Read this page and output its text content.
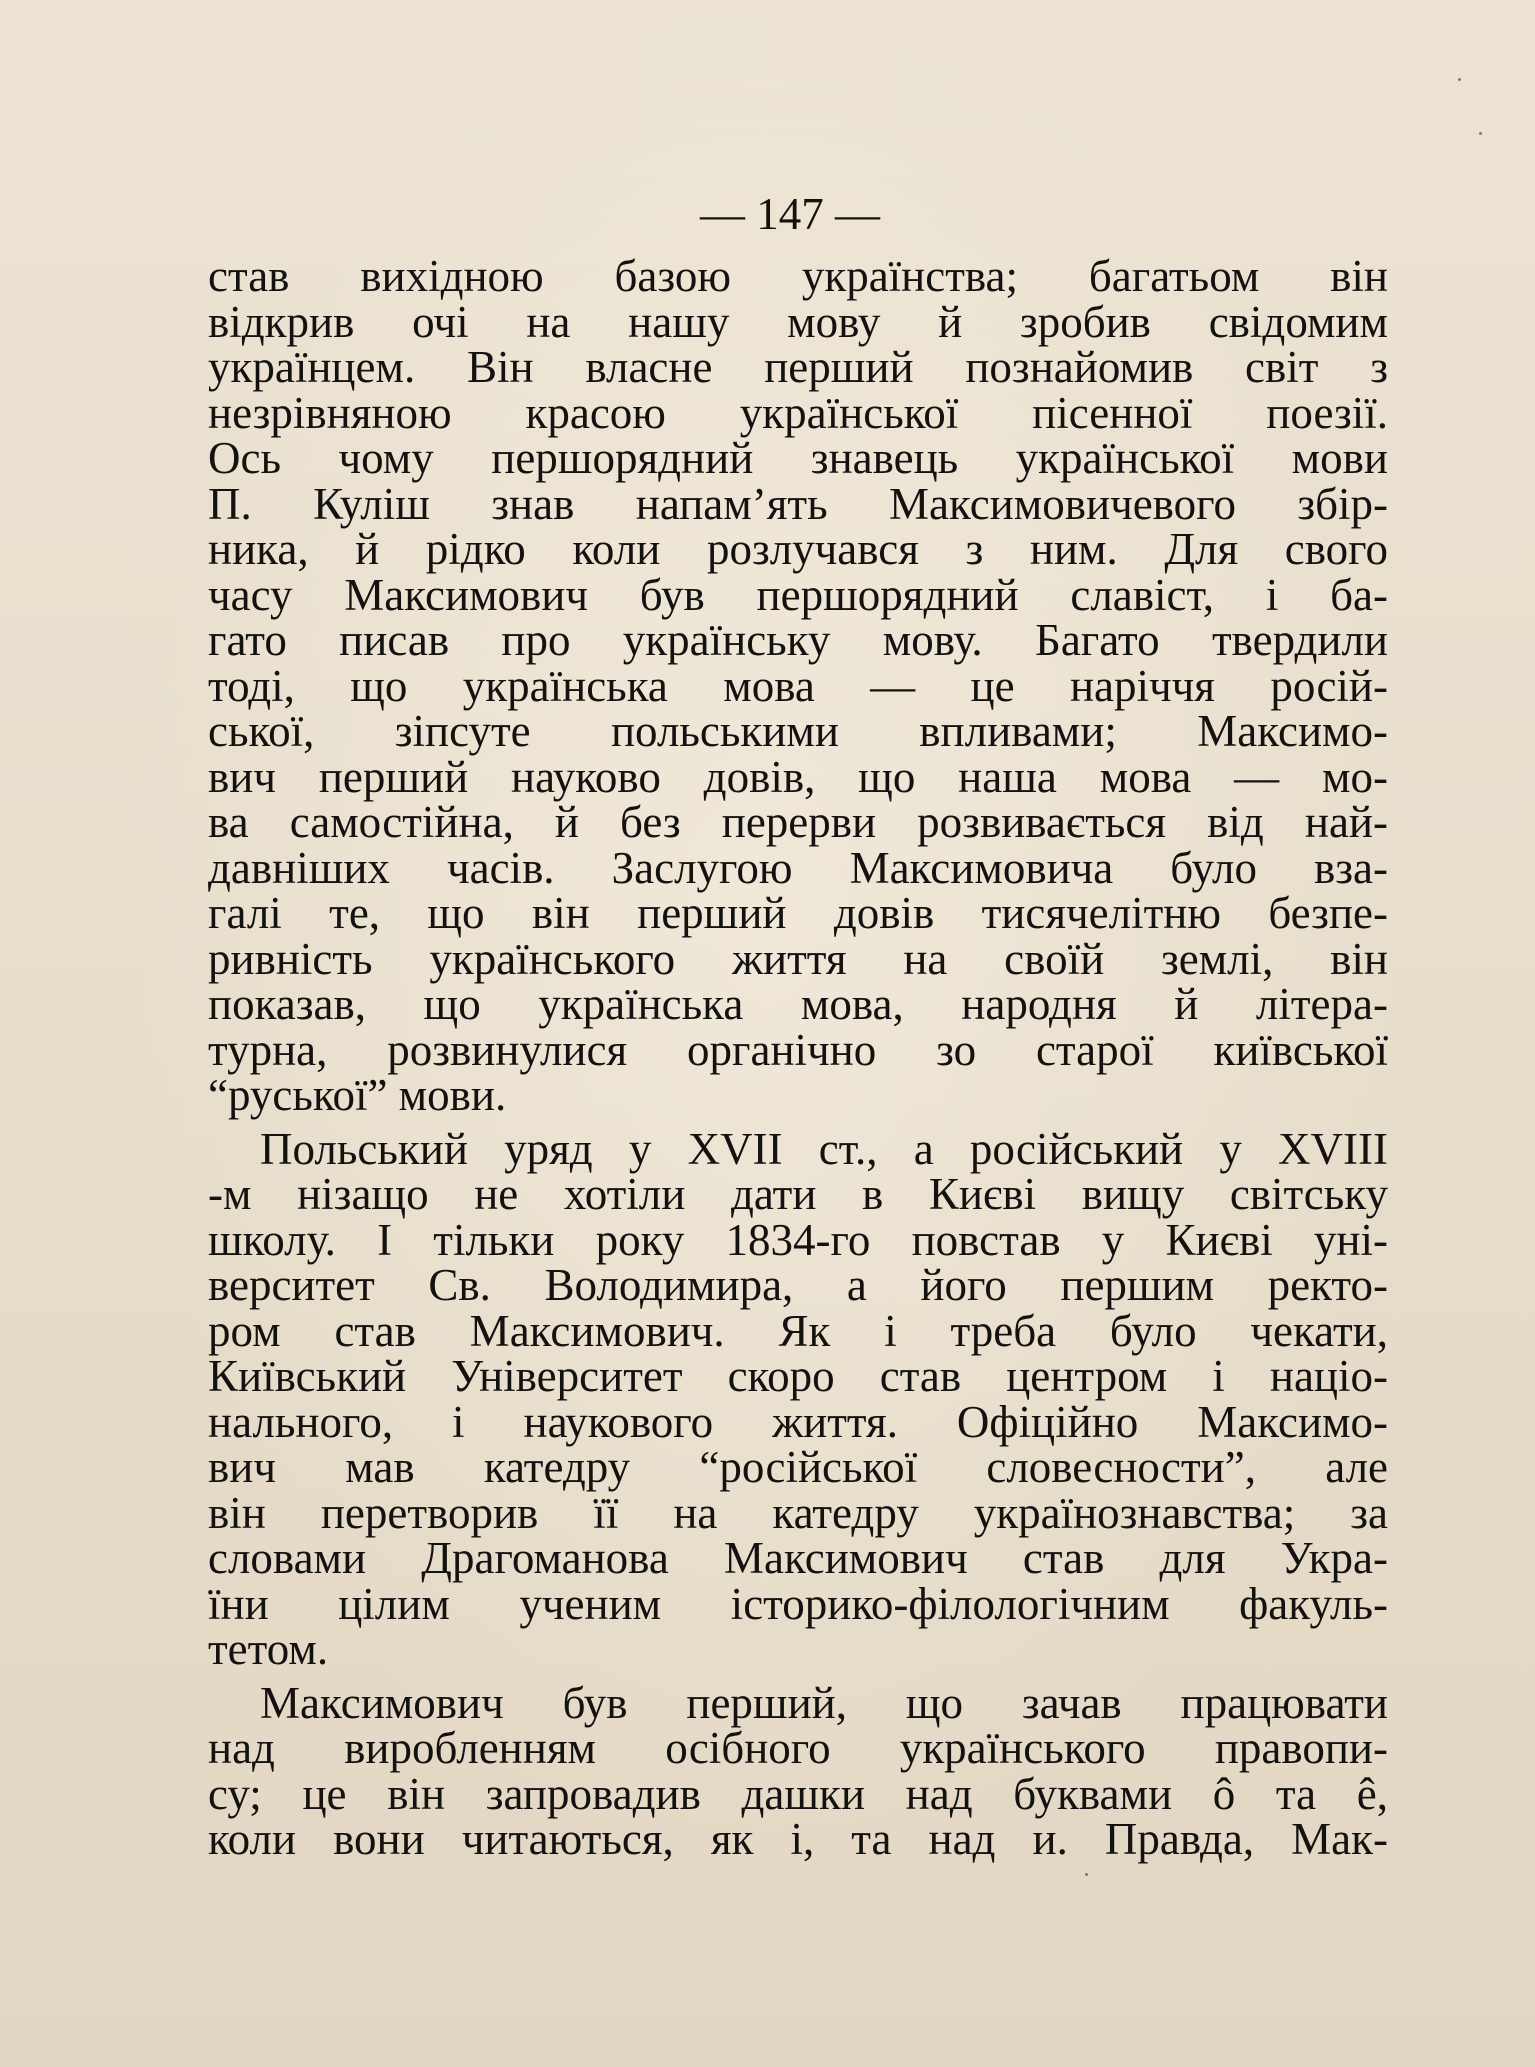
— 147 —
став вихідною базою українства; багатьом він
відкрив очі на нашу мову й зробив свідомим
українцем. Він власне перший познайомив світ з
незрівняною красою української пісенної поезії.
Ось чому першорядний знавець української мови
П. Куліш знав напам’ять Максимовичевого збір-
ника, й рідко коли розлучався з ним. Для свого
часу Максимович був першорядний славіст, і ба-
гато писав про українську мову. Багато твердили
тоді, що українська мова — це наріччя росій-
ської, зіпсуте польськими впливами; Максимо-
вич перший науково довів, що наша мова — мо-
ва самостійна, й без перерви розвивається від най-
давніших часів. Заслугою Максимовича було вза-
галі те, що він перший довів тисячелітню безпе-
ривність українського життя на своїй землі, він
показав, що українська мова, народня й літера-
турна, розвинулися органічно зо старої київської
“руської” мови.
Польський уряд у XVII ст., а російський у XVIII
-м нізащо не хотіли дати в Києві вищу світську
школу. І тільки року 1834-го повстав у Києві уні-
верситет Св. Володимира, а його першим ректо-
ром став Максимович. Як і треба було чекати,
Київський Університет скоро став центром і націо-
нального, і наукового життя. Офіційно Максимо-
вич мав катедру “російської словесности”, але
він перетворив її на катедру українознавства; за
словами Драгоманова Максимович став для Укра-
їни цілим ученим історико-філологічним факуль-
тетом.
Максимович був перший, що зачав працювати
над виробленням осібного українського правопи-
су; це він запровадив дашки над буквами ô та ê,
коли вони читаються, як і, та над и. Правда, Мак-
